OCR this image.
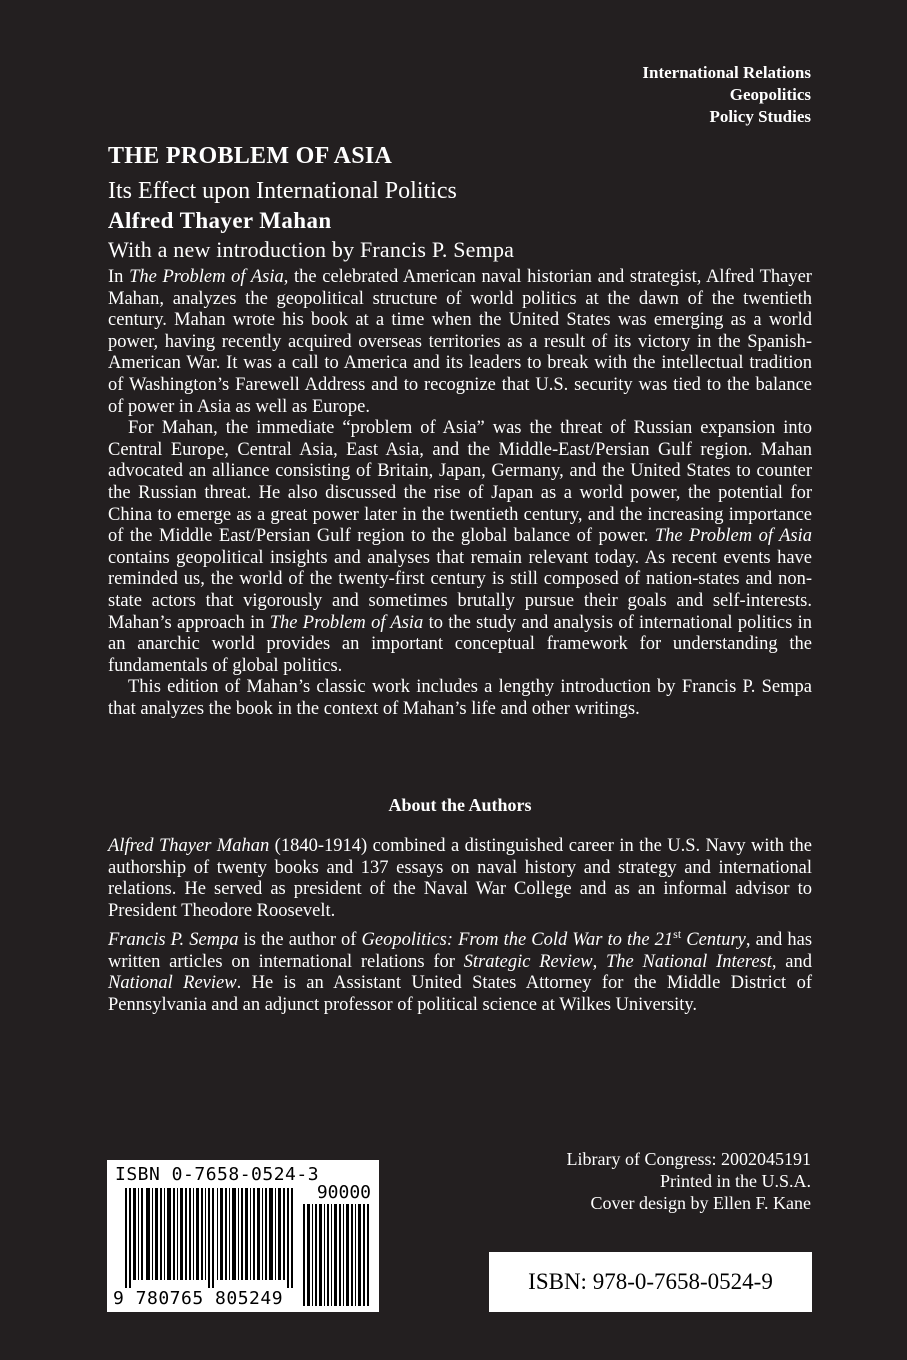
International Relations
Geopolitics
Policy Studies
THE PROBLEM OF ASIA
Its Effect upon International Politics
Alfred Thayer Mahan
With a new introduction by Francis P. Sempa

In The Problem of Asia, the celebrated American naval historian and strategist, Alfred Thayer Mahan, analyzes the geopolitical structure of world politics at the dawn of the twentieth century. Mahan wrote his book at a time when the United States was emerging as a world power, having recently acquired overseas territories as a result of its victory in the Spanish-American War. It was a call to America and its leaders to break with the intellectual tradition of Washington’s Farewell Address and to recognize that U.S. security was tied to the balance of power in Asia as well as Europe.

For Mahan, the immediate “problem of Asia” was the threat of Russian expansion into Central Europe, Central Asia, East Asia, and the Middle-East/Persian Gulf region. Mahan advocated an alliance consisting of Britain, Japan, Germany, and the United States to counter the Russian threat. He also discussed the rise of Japan as a world power, the potential for China to emerge as a great power later in the twentieth century, and the increasing importance of the Middle East/Persian Gulf region to the global balance of power. The Problem of Asia contains geopolitical insights and analyses that remain relevant today. As recent events have reminded us, the world of the twenty-first century is still composed of nation-states and non-state actors that vigorously and sometimes brutally pursue their goals and self-interests. Mahan’s approach in The Problem of Asia to the study and analysis of international politics in an anarchic world provides an important conceptual framework for understanding the fundamentals of global politics.

This edition of Mahan’s classic work includes a lengthy introduction by Francis P. Sempa that analyzes the book in the context of Mahan’s life and other writings.

About the Authors
Alfred Thayer Mahan (1840-1914) combined a distinguished career in the U.S. Navy with the authorship of twenty books and 137 essays on naval history and strategy and international relations. He served as president of the Naval War College and as an informal advisor to President Theodore Roosevelt.
Francis P. Sempa is the author of Geopolitics: From the Cold War to the 21st Century, and has written articles on international relations for Strategic Review, The National Interest, and National Review. He is an Assistant United States Attorney for the Middle District of Pennsylvania and an adjunct professor of political science at Wilkes University.
ISBN 0-7658-0524-3
90000
9 780765 805249
Library of Congress: 2002045191
Printed in the U.S.A.
Cover design by Ellen F. Kane
ISBN: 978-0-7658-0524-9
